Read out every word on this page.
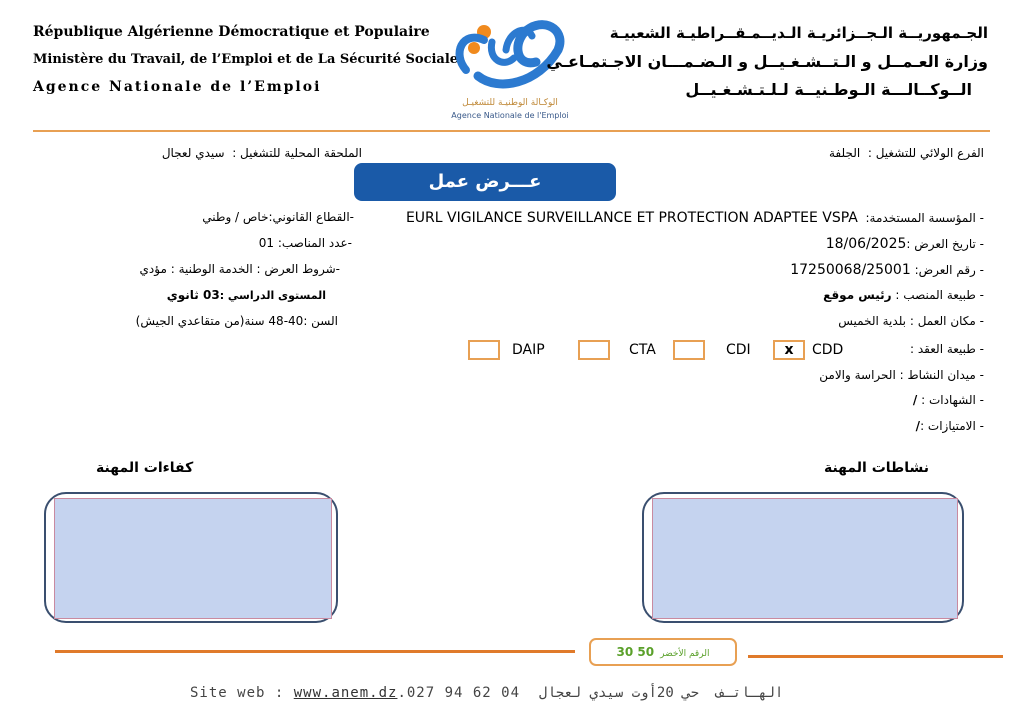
République Algérienne Démocratique et Populaire
Ministère du Travail, de l’Emploi et de La Sécurité Sociale
Agence Nationale de l’Emploi
الوكـالة الوطنيـة للتشغيـل
Agence Nationale de l'Emploi
الجـمهوريــة الـجــزائريـة الـديــمـقــراطيـة الشعبيـة
وزارة العـمــل و الـتــشـغـيــل و الـضـمـــان الاجـتمـاعـي
الــوكــالـــة الـوطـنيــة لـلـتـشـغـيــل
الفرع الولائي للتشغيل :  الجلفة
الملحقة المحلية للتشغيل :  سيدي لعجال
عـــرض عمل
- المؤسسة المستخدمة:  EURL VIGILANCE SURVEILLANCE ET PROTECTION ADAPTEE VSPA
- تاريخ العرض :18/06/2025
- رقم العرض: 17250068/25001
- طبيعة المنصب : رئيس موقع
- مكان العمل : بلدية الخميس
- طبيعة العقد :
CDD
x
CDI
CTA
DAIP
- ميدان النشاط : الحراسة والامن
- الشهادات : /
- الامتيازات :/
-القطاع القانوني:خاص / وطني
-عدد المناصب: 01
-شروط العرض : الخدمة الوطنية : مؤدي
المستوى الدراسي :03 ثانوي
السن :40-48 سنة(من متقاعدي الجيش)
نشاطات المهنة
كفاءات المهنة
30 50 الرقم الأخضر
Site web : www.anem.dz.027 94 62 04	الهـاتـف  حي 20أوت سيدي لعجال
